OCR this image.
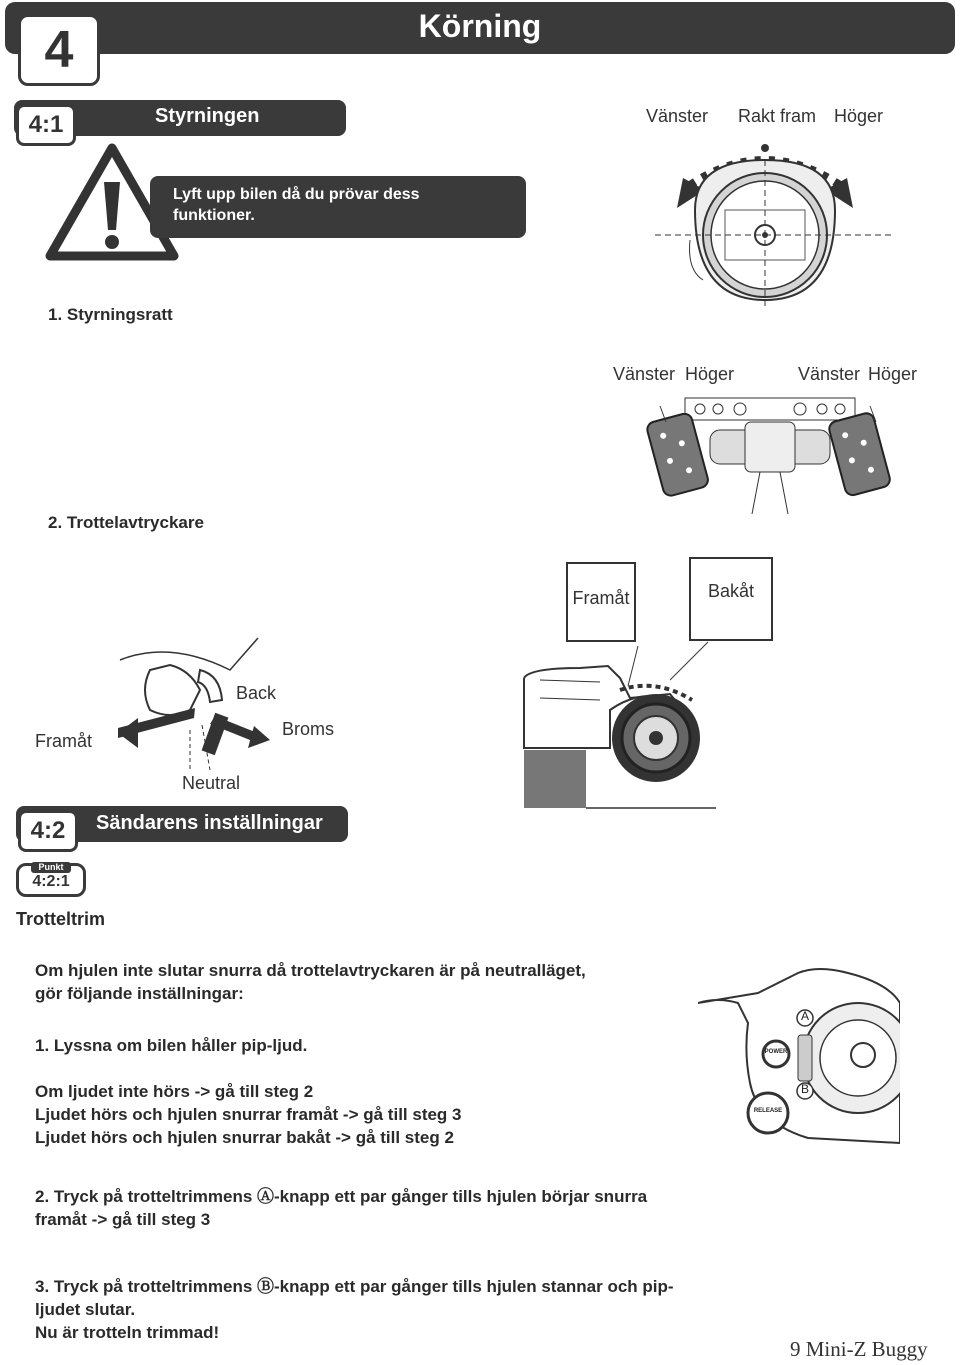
Körning
4
Styrningen
4:1
Lyft upp bilen då du prövar dess funktioner.
Vänster Rakt fram Höger
1. Styrningsratt
Vänster Höger	Vänster Höger
2. Trottelavtryckare
Framåt	Bakåt
Framåt
Back
Broms
Neutral
Sändarens inställningar
4:2
Punkt
4:2:1
Trotteltrim
Om hjulen inte slutar snurra då trottelavtryckaren är på neutralläget,
gör följande inställningar:
1. Lyssna om bilen håller pip-ljud.
Om ljudet inte hörs -> gå till steg 2
Ljudet hörs och hjulen snurrar framåt -> gå till steg 3
Ljudet hörs och hjulen snurrar bakåt -> gå till steg 2
2. Tryck på trotteltrimmens Ⓐ-knapp ett par gånger tills hjulen börjar snurra
framåt -> gå till steg 3
3. Tryck på trotteltrimmens Ⓑ-knapp ett par gånger tills hjulen stannar och pip-
ljudet slutar.
Nu är trotteln trimmad!
A
B
POWER
RELEASE
9 Mini-Z Buggy
